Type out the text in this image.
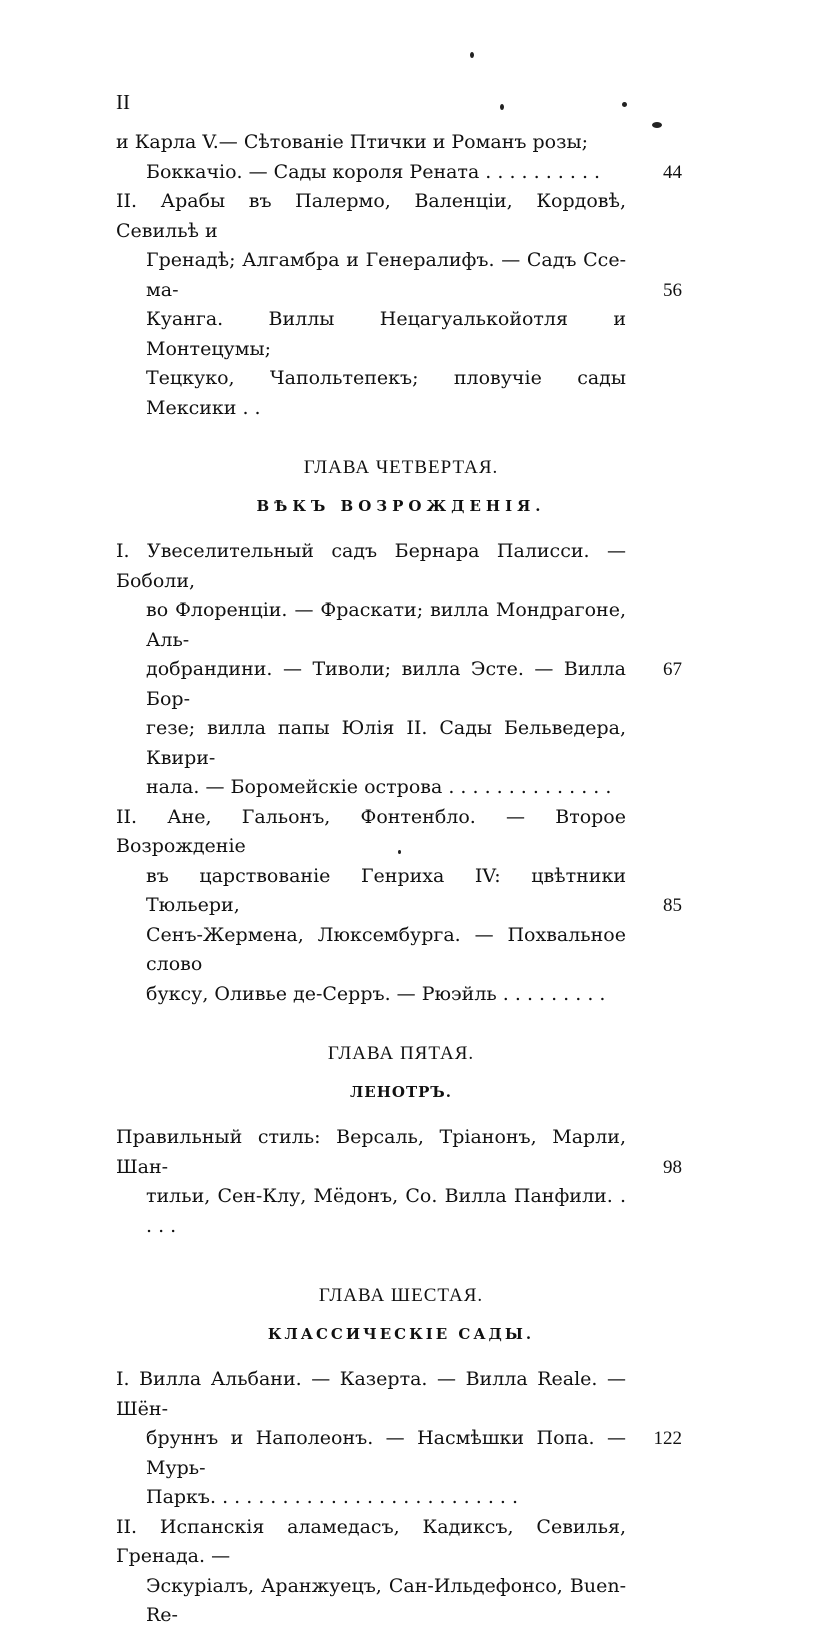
II
и Карла V.— Сѣтованіе Птички и Романъ розы;
Боккачіо. — Сады короля Рената . . . . . . . . . .	44
II. Арабы въ Палермо, Валенціи, Кордовѣ, Севильѣ и
Гренадѣ; Алгамбра и Генералифъ. — Садъ Ссе-ма-
Куанга. Виллы Нецагуалькойотля и Монтецумы;
Тецкуко, Чапольтепекъ; пловучіе сады Мексики . .
56
ГЛАВА ЧЕТВЕРТАЯ.
ВѢКЪ ВОЗРОЖДЕНІЯ.
I. Увеселительный садъ Бернара Палисси. — Боболи,
во Флоренціи. — Фраскати; вилла Мондрагоне, Аль-
добрандини. — Тиволи; вилла Эсте. — Вилла Бор-
гезе; вилла папы Юлія II. Сады Бельведера, Квири-
нала. — Боромейскіе острова . . . . . . . . . . . . . .
67
II. Ане, Гальонъ, Фонтенбло. — Второе Возрожденіе
въ царствованіе Генриха IV: цвѣтники Тюльери,
Сенъ-Жермена, Люксембурга. — Похвальное слово
буксу, Оливье де-Серръ. — Рюэйль . . . . . . . . .
85
ГЛАВА ПЯТАЯ.
ЛЕНОТРЪ.
Правильный стиль: Версаль, Тріанонъ, Марли, Шан-
тильи, Сен-Клу, Мёдонъ, Со. Вилла Панфили. . . . .
98
ГЛАВА ШЕСТАЯ.
КЛАССИЧЕСКІЕ САДЫ.
I. Вилла Альбани. — Казерта. — Вилла Reale. — Шён-
бруннъ и Наполеонъ. — Насмѣшки Попа. — Мурь-
Паркъ. . . . . . . . . . . . . . . . . . . . . . . . . .
122
II. Испанскія аламедасъ, Кадиксъ, Севилья, Гренада. —
Эскуріалъ, Аранжуецъ, Сан-Ильдефонсо, Buen-Re-
